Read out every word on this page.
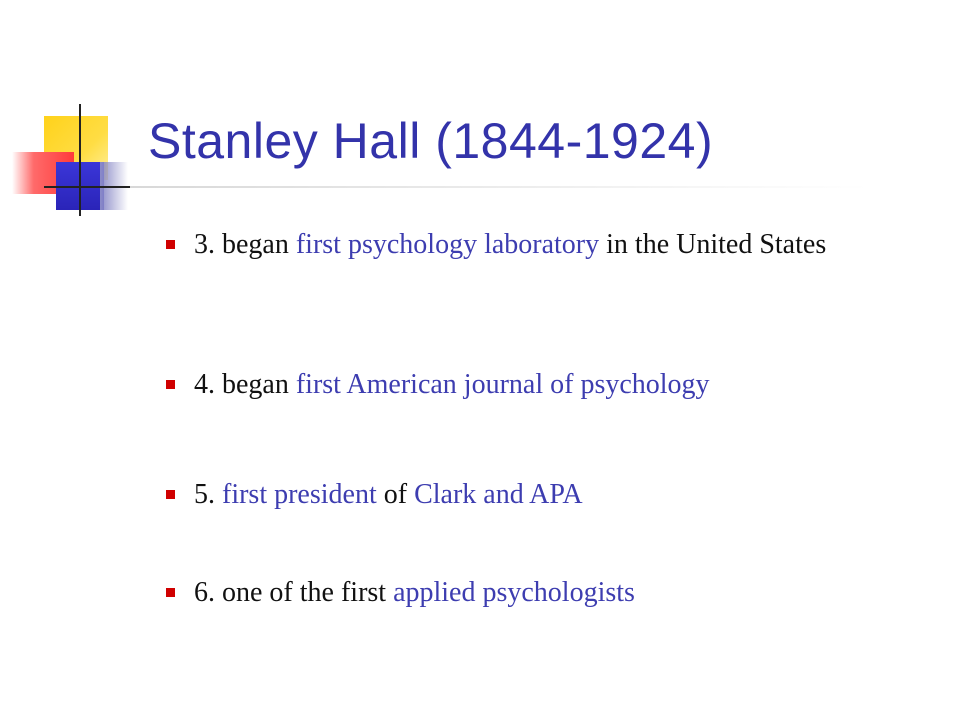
Stanley Hall (1844-1924)
3. began first psychology laboratory in the United States
4. began first American journal of psychology
5. first president of Clark and APA
6. one of the first applied psychologists
